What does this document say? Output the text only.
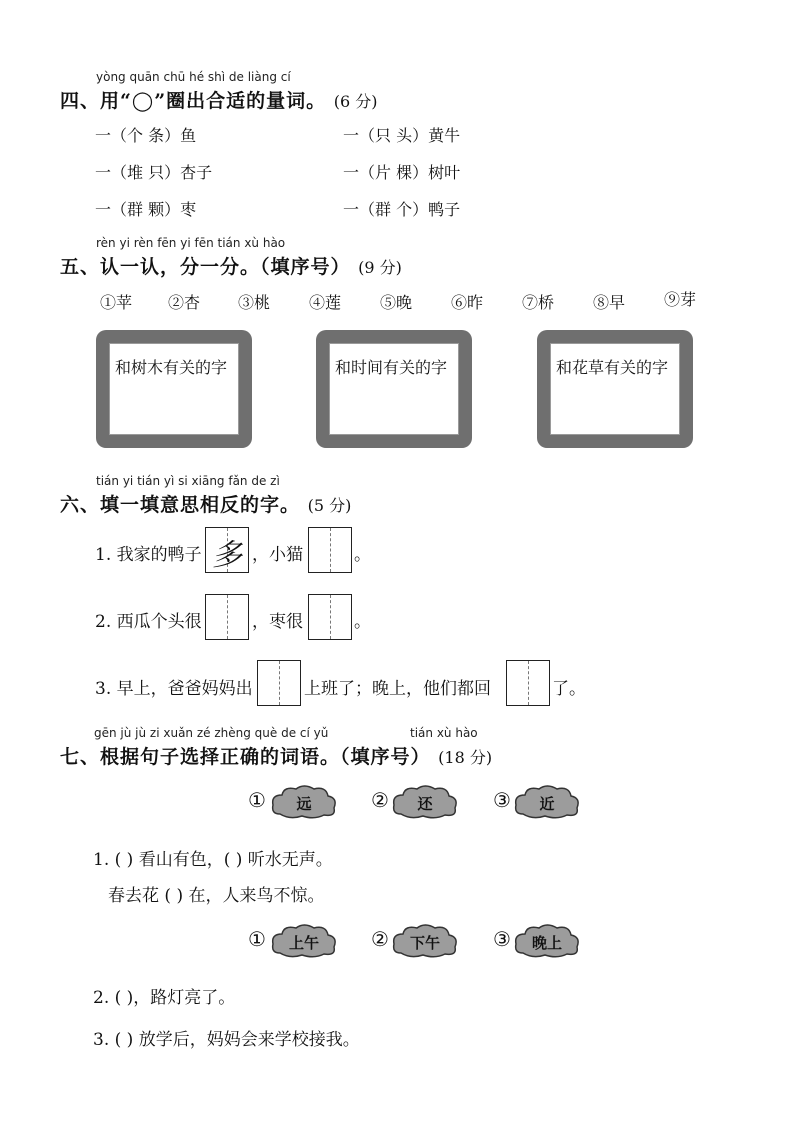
yòng quān chū hé shì de liàng cí
四、用“◯”圈出合适的量词。 (6 分)
一（个 条）鱼	一（只 头）黄牛
一（堆 只）杏子	一（片 棵）树叶
一（群 颗）枣	一（群 个）鸭子
rèn yi rèn fēn yi fēn tián xù hào
五、认一认，分一分。（填序号） (9 分)
①苹 ②杏 ③桃 ④莲 ⑤晚 ⑥昨 ⑦桥 ⑧早 ⑨芽
和树木有关的字	和时间有关的字	和花草有关的字
tián yi tián yì si xiāng fǎn de zì
六、填一填意思相反的字。 (5 分)
1. 我家的鸭子 多 ，小猫	。
2. 西瓜个头很	，枣很	。
3. 早上，爸爸妈妈出	上班了；晚上，他们都回	了。
gēn jù jù zi xuǎn zé zhèng què de cí yǔ	tián xù hào
七、根据句子选择正确的词语。（填序号） (18 分)
①	远	②	还	③	近
1. ( ) 看山有色，( ) 听水无声。
春去花 ( ) 在，人来鸟不惊。
①	上午	②	下午	③	晚上
2. ( )，路灯亮了。
3. ( ) 放学后，妈妈会来学校接我。
